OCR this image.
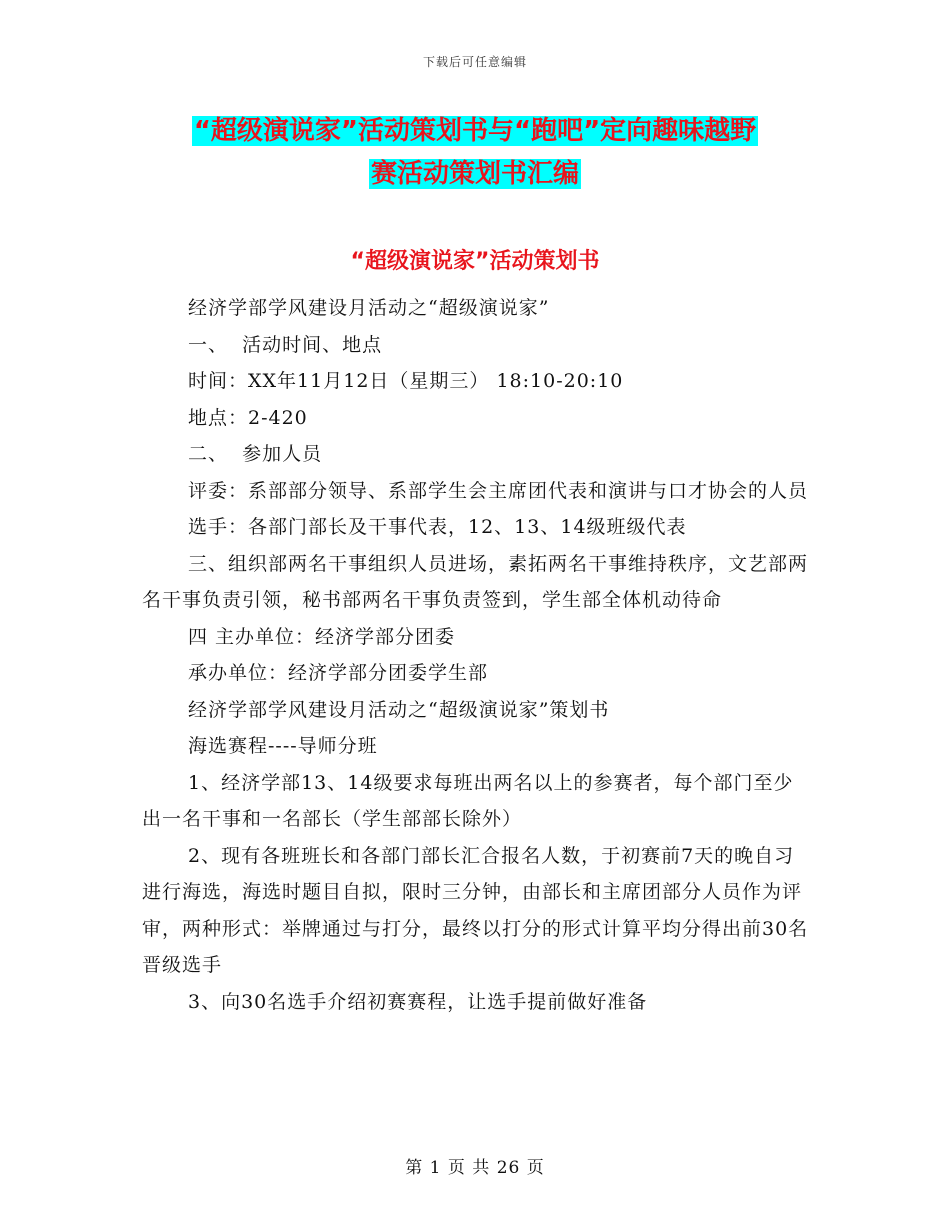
下载后可任意编辑
“超级演说家”活动策划书与“跑吧”定向趣味越野
赛活动策划书汇编
“超级演说家”活动策划书

经济学部学风建设月活动之“超级演说家”

一、  活动时间、地点

时间：XX年11月12日（星期三） 18:10-20:10

地点：2-420

二、  参加人员

评委：系部部分领导、系部学生会主席团代表和演讲与口才协会的人员

选手：各部门部长及干事代表，12、13、14级班级代表

三、组织部两名干事组织人员进场，素拓两名干事维持秩序，文艺部两名干事负责引领，秘书部两名干事负责签到，学生部全体机动待命

四 主办单位：经济学部分团委

承办单位：经济学部分团委学生部

经济学部学风建设月活动之“超级演说家”策划书

海选赛程----导师分班

1、经济学部13、14级要求每班出两名以上的参赛者，每个部门至少出一名干事和一名部长（学生部部长除外）

2、现有各班班长和各部门部长汇合报名人数，于初赛前7天的晚自习进行海选，海选时题目自拟，限时三分钟，由部长和主席团部分人员作为评审，两种形式：举牌通过与打分，最终以打分的形式计算平均分得出前30名晋级选手

3、向30名选手介绍初赛赛程，让选手提前做好准备

第 1 页 共 26 页
